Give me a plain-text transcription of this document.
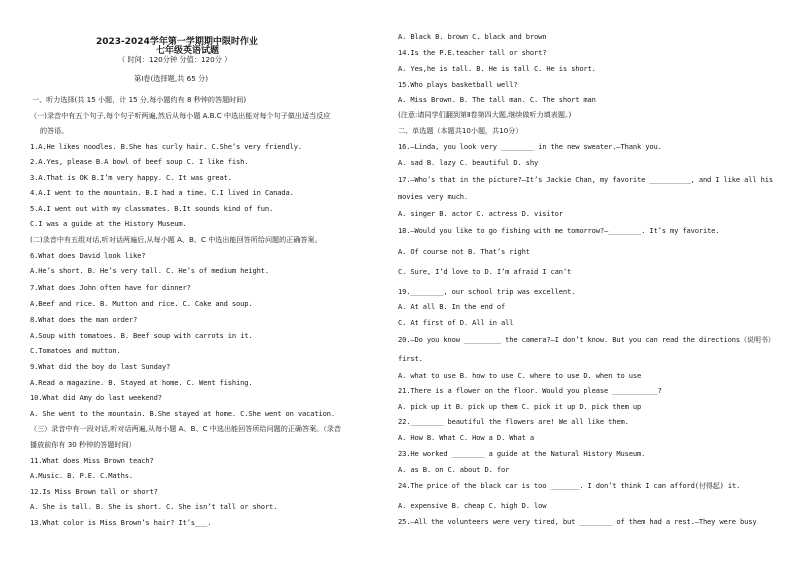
2023-2024学年第一学期期中限时作业
七年级英语试题
（ 时间：120分钟 分值：120分 ）
第Ⅰ卷(选择题,共 65 分)
一、听力选择(共 15 小题，计 15 分,每小题约有 8 秒钟的答题时间)
（一)录音中有五个句子,每个句子听两遍,然后从每小题 A.B.C 中选出能对每个句子做出适当反应
的答语。
1.A.He likes noodles. B.She has curly hair. C.She’s very friendly.
2.A.Yes, please B.A bowl of beef soup C. I like fish.
3.A.That is OK B.I’m very happy. C. It was great.
4.A.I went to the mountain. B.I had a time. C.I lived in Canada.
5.A.I went out with my classmates. B.It sounds kind of fun.
C.I was a guide at the History Museum.
(二)录音中有五组对话,听对话两遍后,从每小题 A、B、C 中选出能回答所给问题的正确答案。
6.What does David look like?
A.He’s short. B. He’s very tall. C. He’s of medium height.
7.What does John often have for dinner?
A.Beef and rice. B. Mutton and rice. C. Cake and soup.
8.What does the man order?
A.Soup with tomatoes. B. Beef soup with carrots in it.
C.Tomatoes and mutton.
9.What did the boy do last Sunday?
A.Read a magazine. B. Stayed at home. C. Went fishing.
10.What did Amy do last weekend?
A. She went to the mountain. B.She stayed at home. C.She went on vacation.
（三）录音中有一段对话,听对话两遍,从每小题 A、B、C 中选出能回答所给问题的正确答案。（录音
播放前你有 30 秒钟的答题时间）
11.What does Miss Brown teach?
A.Music. B. P.E. C.Maths.
12.Is Miss Brown tall or short?
A. She is tall. B. She is short. C. She isn’t tall or short.
13.What color is Miss Brown’s hair? It’s___.
A. Black B. brown C. black and brown
14.Is the P.E.teacher tall or short?
A. Yes,he is tall. B. He is tall C. He is short.
15.Who plays basketball well?
A. Miss Brown. B. The tall man. C. The short man
(注意:请同学们翻到第Ⅱ卷第四大题,继续做听力填表题。)
二、单选题（本题共10小题，共10分）
16.—Linda, you look very ________ in the new sweater.—Thank you.
A. sad B. lazy C. beautiful D. shy
17.—Who’s that in the picture?—It’s Jackie Chan, my favorite __________, and I like all his
movies very much.
A. singer B. actor C. actress D. visitor
18.—Would you like to go fishing with me tomorrow?—________. It’s my favorite.
A. Of course not B. That’s right
C. Sure, I’d love to D. I’m afraid I can’t
19.________, our school trip was excellent.
A. At all B. In the end of
C. At first of D. All in all
20.—Do you know _________ the camera?—I don’t know. But you can read the directions（说明书）
first.
A. what to use B. how to use C. where to use D. when to use
21.There is a flower on the floor. Would you please ___________?
A. pick up it B. pick up them C. pick it up D. pick them up
22.________ beautiful the flowers are! We all like them.
A. How B. What C. How a D. What a
23.He worked ________ a guide at the Natural History Museum.
A. as B. on C. about D. for
24.The price of the black car is too _______. I don’t think I can afford(付得起) it.
A. expensive B. cheap C. high D. low
25.—All the volunteers were very tired, but ________ of them had a rest.—They were busy
